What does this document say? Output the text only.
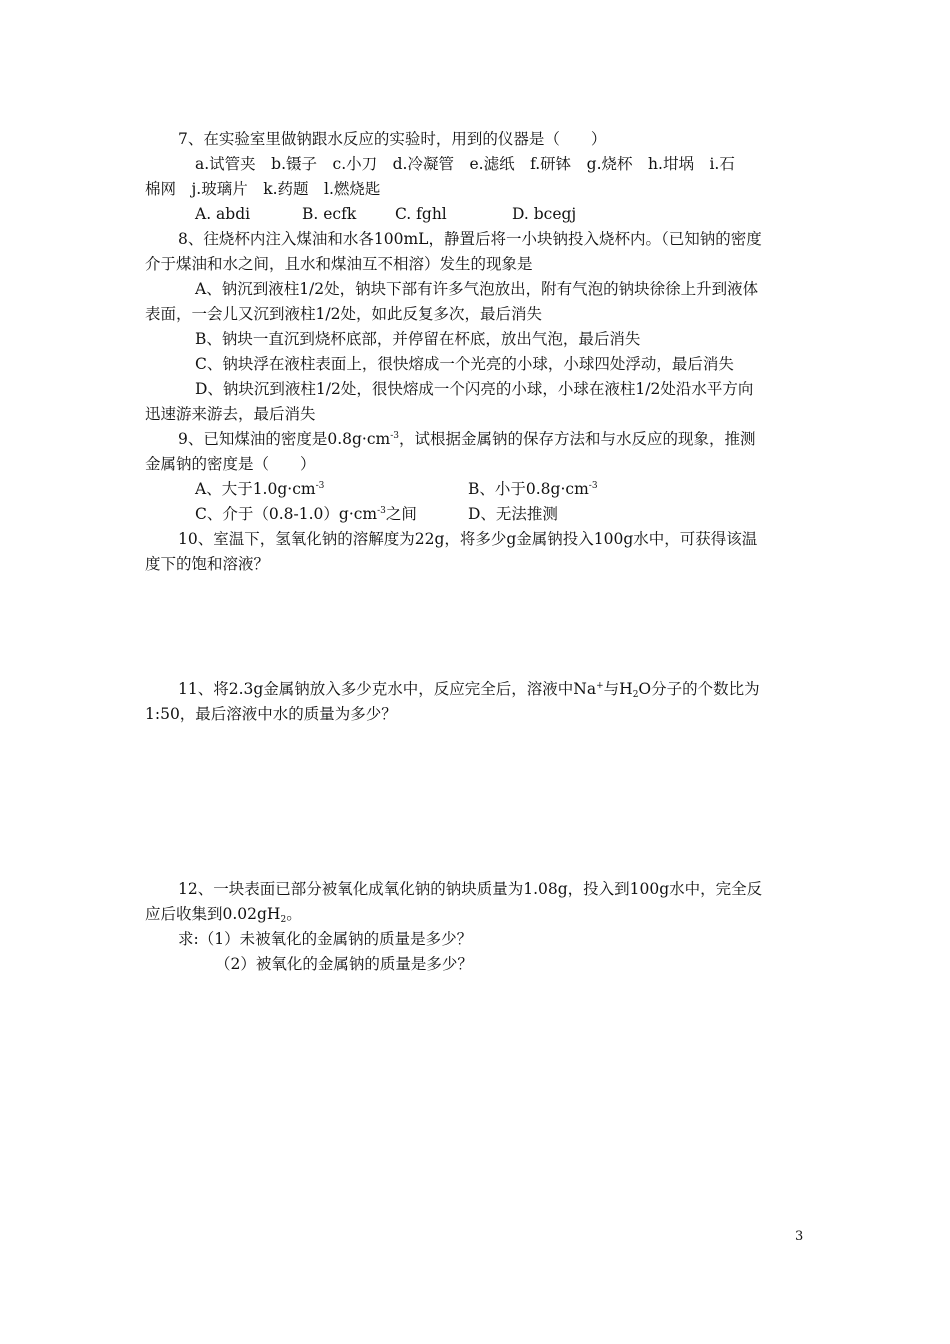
7、在实验室里做钠跟水反应的实验时，用到的仪器是（　　）
a.试管夹　b.镊子　c.小刀　d.冷凝管　e.滤纸　f.研钵　g.烧杯　h.坩埚　i.石
棉网　j.玻璃片　k.药题　l.燃烧匙
A. abdi	B. ecfk	C. fghl	D. bcegj
8、往烧杯内注入煤油和水各100mL，静置后将一小块钠投入烧杯内。（已知钠的密度
介于煤油和水之间，且水和煤油互不相溶）发生的现象是
A、钠沉到液柱1/2处，钠块下部有许多气泡放出，附有气泡的钠块徐徐上升到液体
表面，一会儿又沉到液柱1/2处，如此反复多次，最后消失
B、钠块一直沉到烧杯底部，并停留在杯底，放出气泡，最后消失
C、钠块浮在液柱表面上，很快熔成一个光亮的小球，小球四处浮动，最后消失
D、钠块沉到液柱1/2处，很快熔成一个闪亮的小球，小球在液柱1/2处沿水平方向
迅速游来游去，最后消失
9、已知煤油的密度是$0.8g\cdot cm^{-3}$，试根据金属钠的保存方法和与水反应的现象，推测
金属钠的密度是（　　）
A、大于$1.0g\cdot cm^{-3}$	B、小于$0.8g\cdot cm^{-3}$
C、介于$(0.8-1.0)g\cdot cm^{-3}$之间	D、无法推测
10、室温下，氢氧化钠的溶解度为22g，将多少g金属钠投入100g水中，可获得该温
度下的饱和溶液？
11、将2.3g金属钠放入多少克水中，反应完全后，溶液中Na+与$H_2O$分子的个数比为
1:50，最后溶液中水的质量为多少？
12、一块表面已部分被氧化成氧化钠的钠块质量为1.08g，投入到100g水中，完全反
应后收集到$0.02gH_2$。
求:（1）未被氧化的金属钠的质量是多少？
（2）被氧化的金属钠的质量是多少？
3
